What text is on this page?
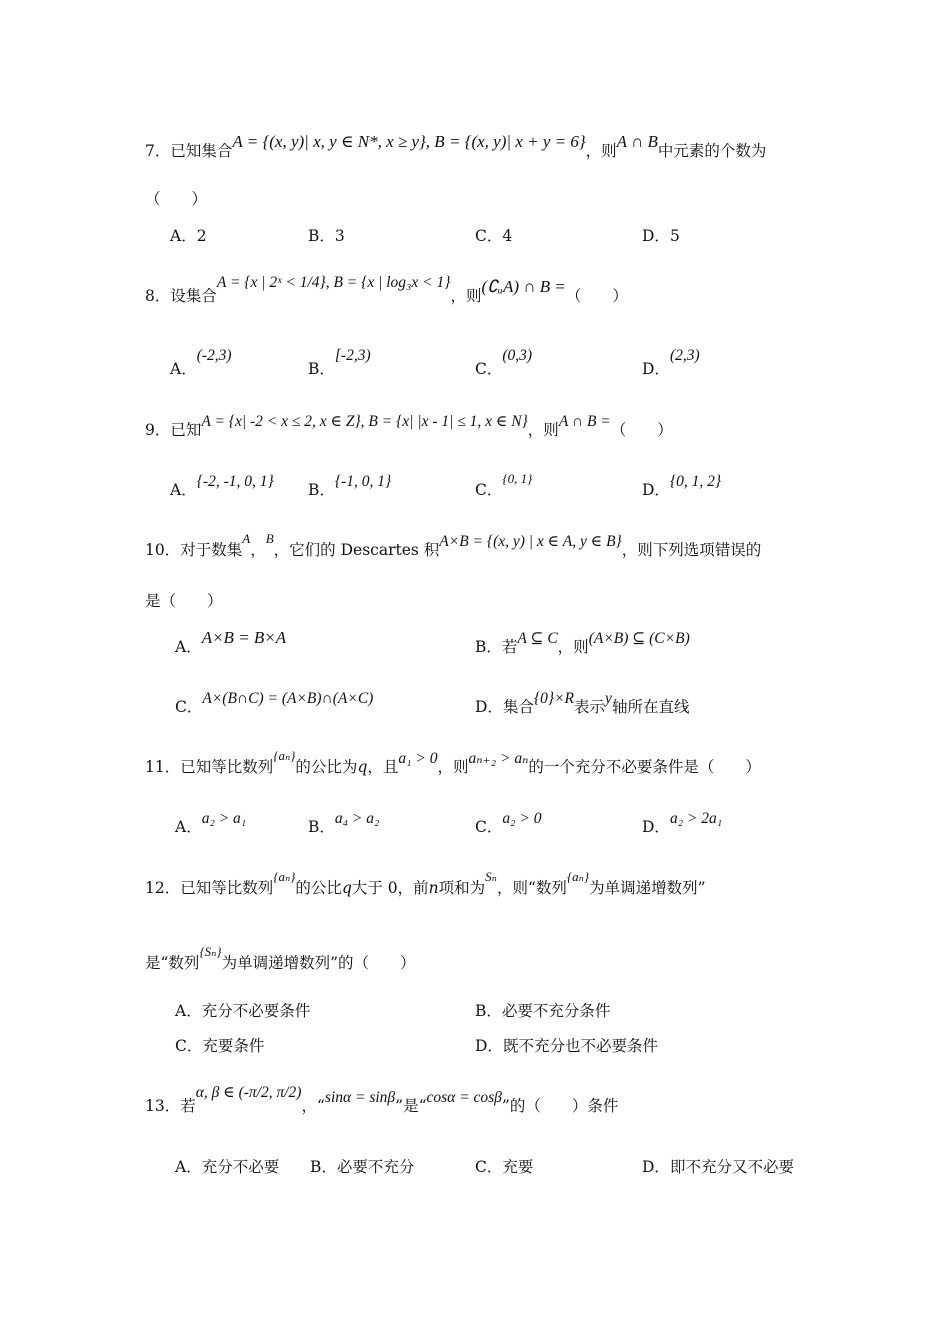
7．已知集合A = {(x, y)| x, y ∈ N*, x ≥ y}, B = {(x, y)| x + y = 6}，则A ∩ B中元素的个数为
（　　）
A．2	B．3	C．4	D．5
8．设集合A = {x | 2ˣ < 1/4}, B = {x | log₃x < 1}，则(∁ᵤA) ∩ B =（　　）
A．(-2,3)
B．[-2,3)
C．(0,3)
D．(2,3)
9．已知A = {x| -2 < x ≤ 2, x ∈ Z}, B = {x| |x - 1| ≤ 1, x ∈ N}，则A ∩ B =（　　）
A．{-2, -1, 0, 1} B．{-1, 0, 1}	C．$^{\{0, 1\}}$
D．{0, 1, 2}
10．对于数集$^A$，$^B$，它们的 Descartes 积A×B = {(x, y) | x ∈ A, y ∈ B}，则下列选项错误的
是（　　）
A．A×B = B×A	B．若A ⊆ C，则(A×B) ⊆ (C×B)
C．A×(B∩C) = (A×B)∩(A×C)	D．集合{0}×R表示y轴所在直线
11．已知等比数列$^{\{a_n\}}$的公比为q，且a₁ > 0，则aₙ₊₂ > aₙ的一个充分不必要条件是（　　）
A．a₂ > a₁	B．a₄ > a₂	C．a₂ > 0	D．a₂ > 2a₁
12．已知等比数列$^{\{a_n\}}$的公比q大于 0，前n项和为$^{S_n}$，则“数列$^{\{a_n\}}$为单调递增数列”
是“数列$^{\{S_n\}}$为单调递增数列”的（　　）
A．充分不必要条件	B．必要不充分条件
C．充要条件	D．既不充分也不必要条件
13．若α, β ∈ (-π/2, π/2)，“sinα = sinβ”是“cosα = cosβ”的（　　）条件
A．充分不必要 B．必要不充分	C．充要	D．即不充分又不必要
